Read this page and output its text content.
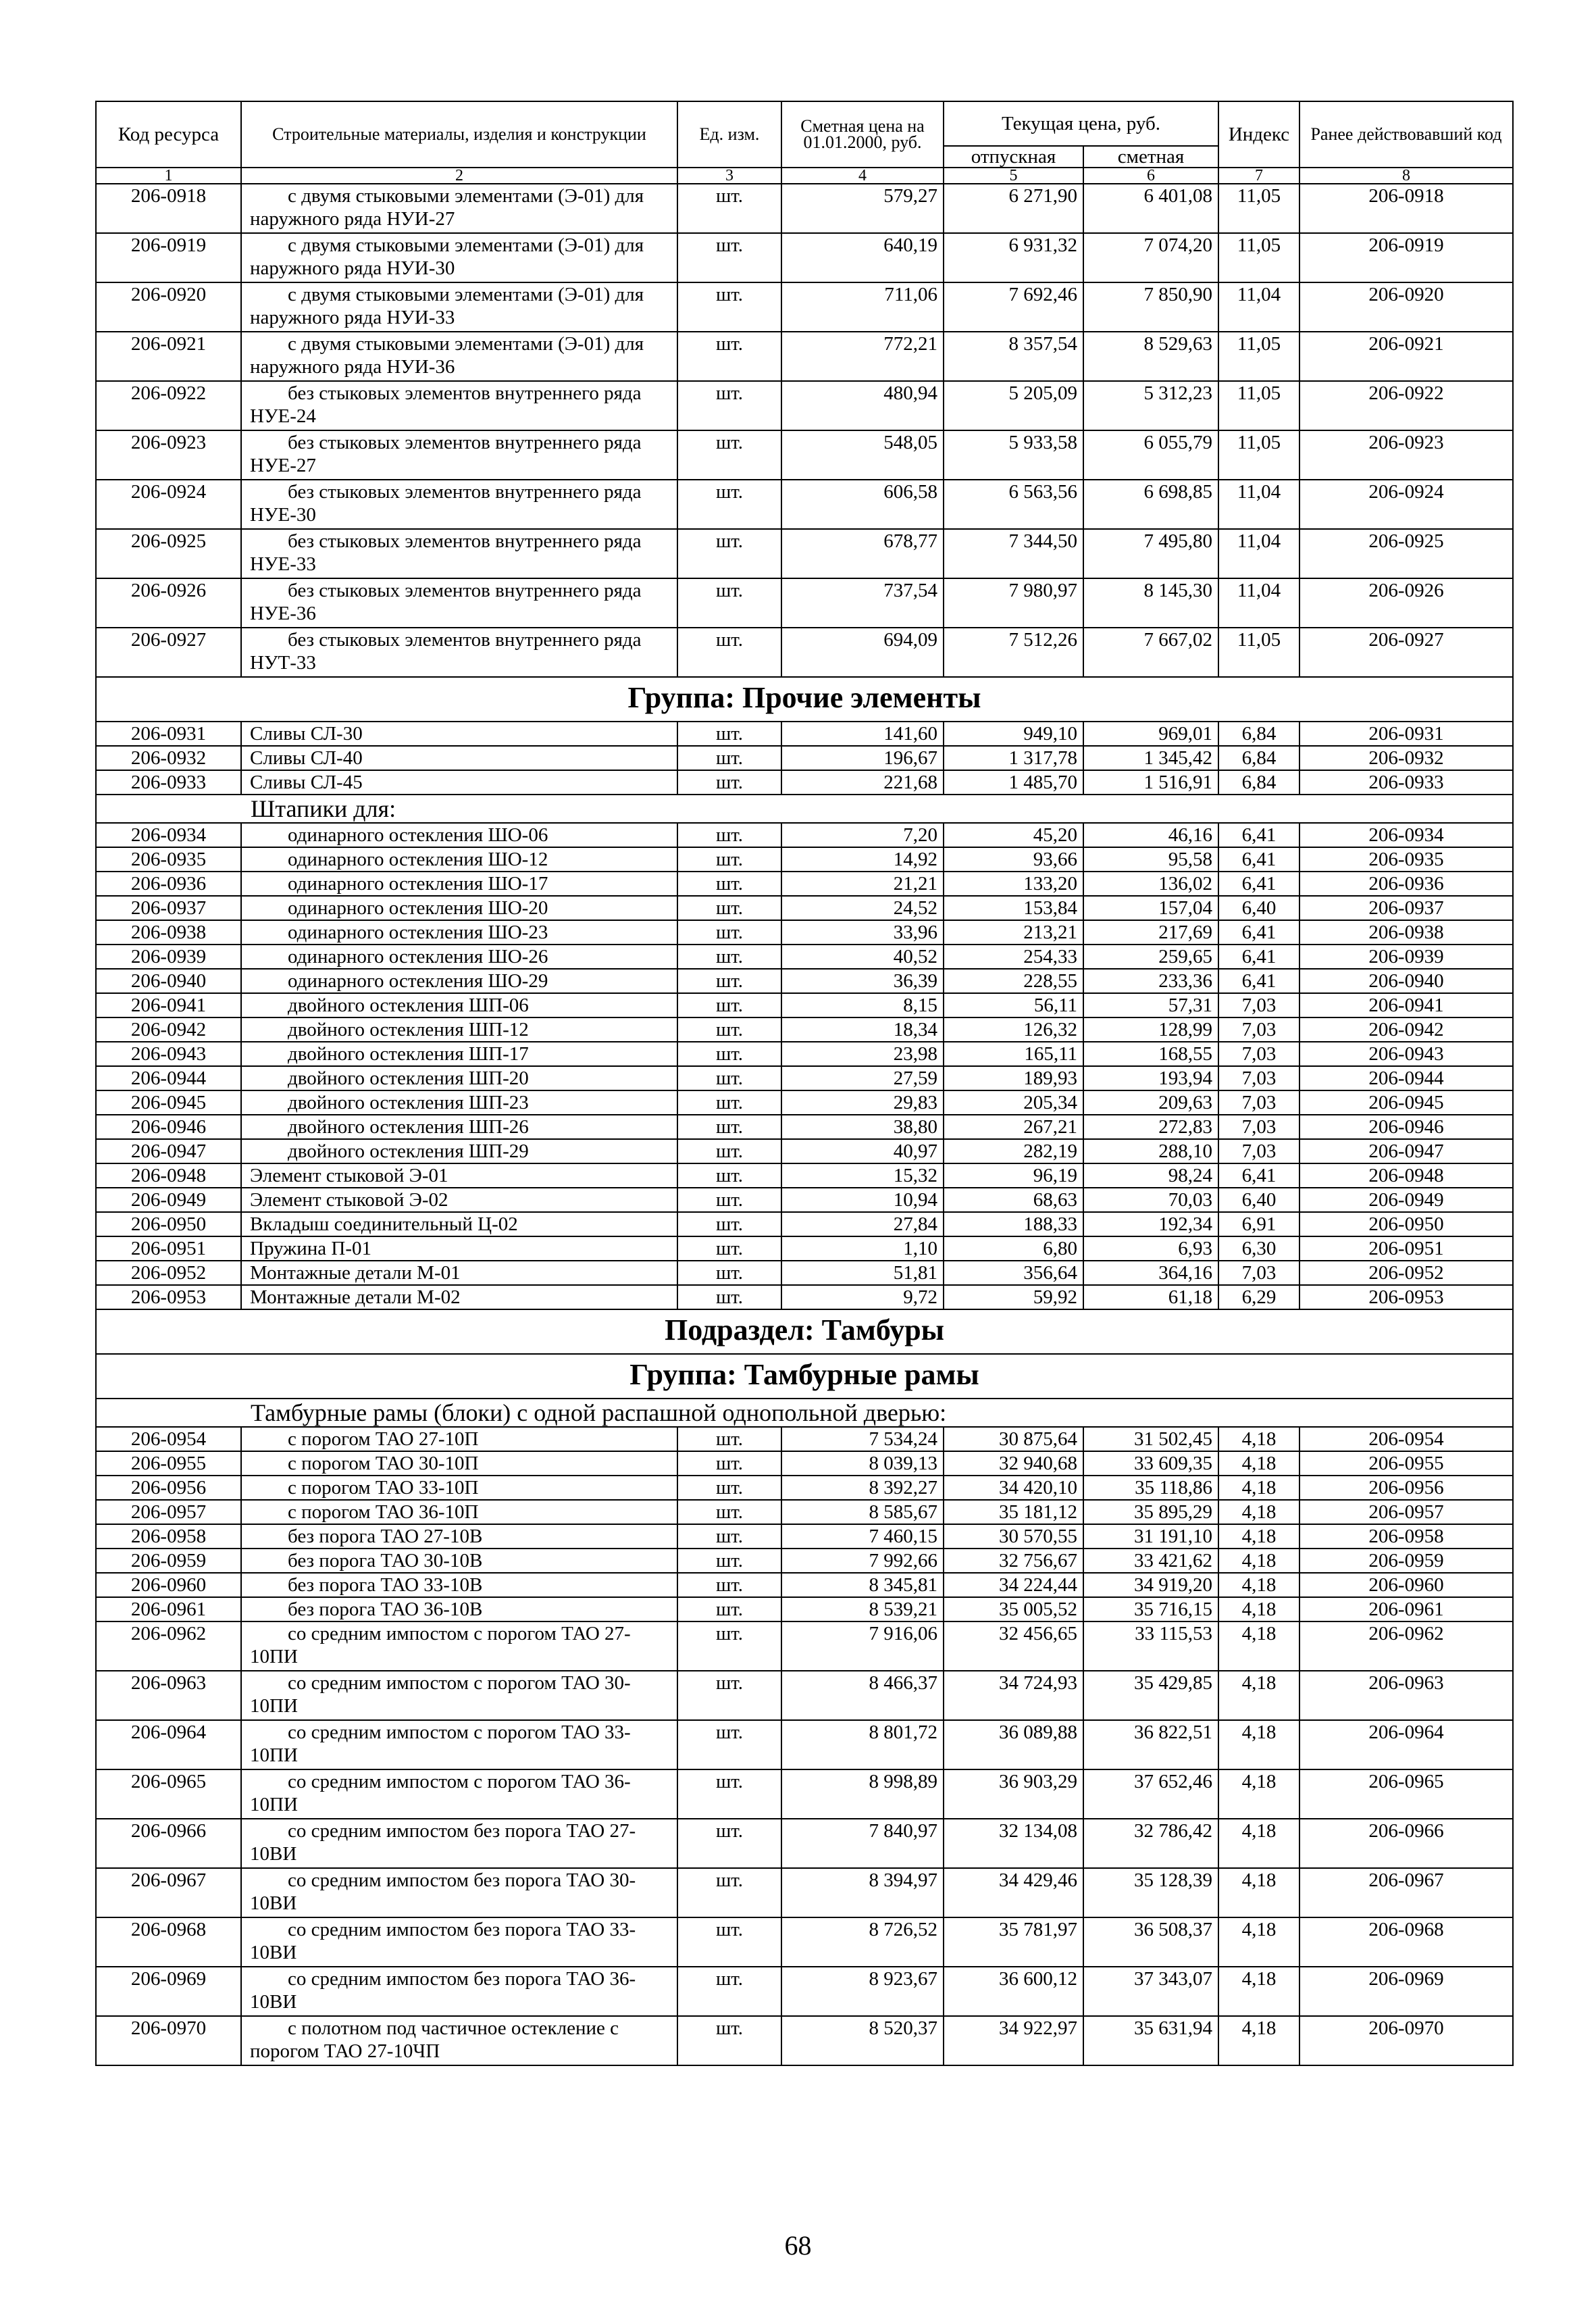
Код ресурса	Строительные материалы, изделия и конструкции	Ед. изм.	Сметная цена на 01.01.2000, руб.	Текущая цена, руб.		Индекс	Ранее действовавший код
				отпускная	сметная		
1	2	3	4	5	6	7	8
206-0918	с двумя стыковыми элементами (Э-01) для наружного ряда НУИ-27	шт.	579,27	6 271,90	6 401,08	11,05	206-0918
206-0919	с двумя стыковыми элементами (Э-01) для наружного ряда НУИ-30	шт.	640,19	6 931,32	7 074,20	11,05	206-0919
206-0920	с двумя стыковыми элементами (Э-01) для наружного ряда НУИ-33	шт.	711,06	7 692,46	7 850,90	11,04	206-0920
206-0921	с двумя стыковыми элементами (Э-01) для наружного ряда НУИ-36	шт.	772,21	8 357,54	8 529,63	11,05	206-0921
206-0922	без стыковых элементов внутреннего ряда НУЕ-24	шт.	480,94	5 205,09	5 312,23	11,05	206-0922
206-0923	без стыковых элементов внутреннего ряда НУЕ-27	шт.	548,05	5 933,58	6 055,79	11,05	206-0923
206-0924	без стыковых элементов внутреннего ряда НУЕ-30	шт.	606,58	6 563,56	6 698,85	11,04	206-0924
206-0925	без стыковых элементов внутреннего ряда НУЕ-33	шт.	678,77	7 344,50	7 495,80	11,04	206-0925
206-0926	без стыковых элементов внутреннего ряда НУЕ-36	шт.	737,54	7 980,97	8 145,30	11,04	206-0926
206-0927	без стыковых элементов внутреннего ряда НУТ-33	шт.	694,09	7 512,26	7 667,02	11,05	206-0927
Группа: Прочие элементы							
206-0931	Сливы СЛ-30	шт.	141,60	949,10	969,01	6,84	206-0931
206-0932	Сливы СЛ-40	шт.	196,67	1 317,78	1 345,42	6,84	206-0932
206-0933	Сливы СЛ-45	шт.	221,68	1 485,70	1 516,91	6,84	206-0933
Штапики для:							
206-0934	одинарного остекления ШО-06	шт.	7,20	45,20	46,16	6,41	206-0934
206-0935	одинарного остекления ШО-12	шт.	14,92	93,66	95,58	6,41	206-0935
206-0936	одинарного остекления ШО-17	шт.	21,21	133,20	136,02	6,41	206-0936
206-0937	одинарного остекления ШО-20	шт.	24,52	153,84	157,04	6,40	206-0937
206-0938	одинарного остекления ШО-23	шт.	33,96	213,21	217,69	6,41	206-0938
206-0939	одинарного остекления ШО-26	шт.	40,52	254,33	259,65	6,41	206-0939
206-0940	одинарного остекления ШО-29	шт.	36,39	228,55	233,36	6,41	206-0940
206-0941	двойного остекления ШП-06	шт.	8,15	56,11	57,31	7,03	206-0941
206-0942	двойного остекления ШП-12	шт.	18,34	126,32	128,99	7,03	206-0942
206-0943	двойного остекления ШП-17	шт.	23,98	165,11	168,55	7,03	206-0943
206-0944	двойного остекления ШП-20	шт.	27,59	189,93	193,94	7,03	206-0944
206-0945	двойного остекления ШП-23	шт.	29,83	205,34	209,63	7,03	206-0945
206-0946	двойного остекления ШП-26	шт.	38,80	267,21	272,83	7,03	206-0946
206-0947	двойного остекления ШП-29	шт.	40,97	282,19	288,10	7,03	206-0947
206-0948	Элемент стыковой Э-01	шт.	15,32	96,19	98,24	6,41	206-0948
206-0949	Элемент стыковой Э-02	шт.	10,94	68,63	70,03	6,40	206-0949
206-0950	Вкладыш соединительный Ц-02	шт.	27,84	188,33	192,34	6,91	206-0950
206-0951	Пружина П-01	шт.	1,10	6,80	6,93	6,30	206-0951
206-0952	Монтажные детали М-01	шт.	51,81	356,64	364,16	7,03	206-0952
206-0953	Монтажные детали М-02	шт.	9,72	59,92	61,18	6,29	206-0953
Подраздел: Тамбуры							
Группа: Тамбурные рамы							
Тамбурные рамы (блоки) с одной распашной однопольной дверью:							
206-0954	с порогом ТАО 27-10П	шт.	7 534,24	30 875,64	31 502,45	4,18	206-0954
206-0955	с порогом ТАО 30-10П	шт.	8 039,13	32 940,68	33 609,35	4,18	206-0955
206-0956	с порогом ТАО 33-10П	шт.	8 392,27	34 420,10	35 118,86	4,18	206-0956
206-0957	с порогом ТАО 36-10П	шт.	8 585,67	35 181,12	35 895,29	4,18	206-0957
206-0958	без порога ТАО 27-10В	шт.	7 460,15	30 570,55	31 191,10	4,18	206-0958
206-0959	без порога ТАО 30-10В	шт.	7 992,66	32 756,67	33 421,62	4,18	206-0959
206-0960	без порога ТАО 33-10В	шт.	8 345,81	34 224,44	34 919,20	4,18	206-0960
206-0961	без порога ТАО 36-10В	шт.	8 539,21	35 005,52	35 716,15	4,18	206-0961
206-0962	со средним импостом с порогом ТАО 27-10ПИ	шт.	7 916,06	32 456,65	33 115,53	4,18	206-0962
206-0963	со средним импостом с порогом ТАО 30-10ПИ	шт.	8 466,37	34 724,93	35 429,85	4,18	206-0963
206-0964	со средним импостом с порогом ТАО 33-10ПИ	шт.	8 801,72	36 089,88	36 822,51	4,18	206-0964
206-0965	со средним импостом с порогом ТАО 36-10ПИ	шт.	8 998,89	36 903,29	37 652,46	4,18	206-0965
206-0966	со средним импостом без порога ТАО 27-10ВИ	шт.	7 840,97	32 134,08	32 786,42	4,18	206-0966
206-0967	со средним импостом без порога ТАО 30-10ВИ	шт.	8 394,97	34 429,46	35 128,39	4,18	206-0967
206-0968	со средним импостом без порога ТАО 33-10ВИ	шт.	8 726,52	35 781,97	36 508,37	4,18	206-0968
206-0969	со средним импостом без порога ТАО 36-10ВИ	шт.	8 923,67	36 600,12	37 343,07	4,18	206-0969
206-0970	с полотном под частичное остекление с порогом ТАО 27-10ЧП	шт.	8 520,37	34 922,97	35 631,94	4,18	206-0970
68
